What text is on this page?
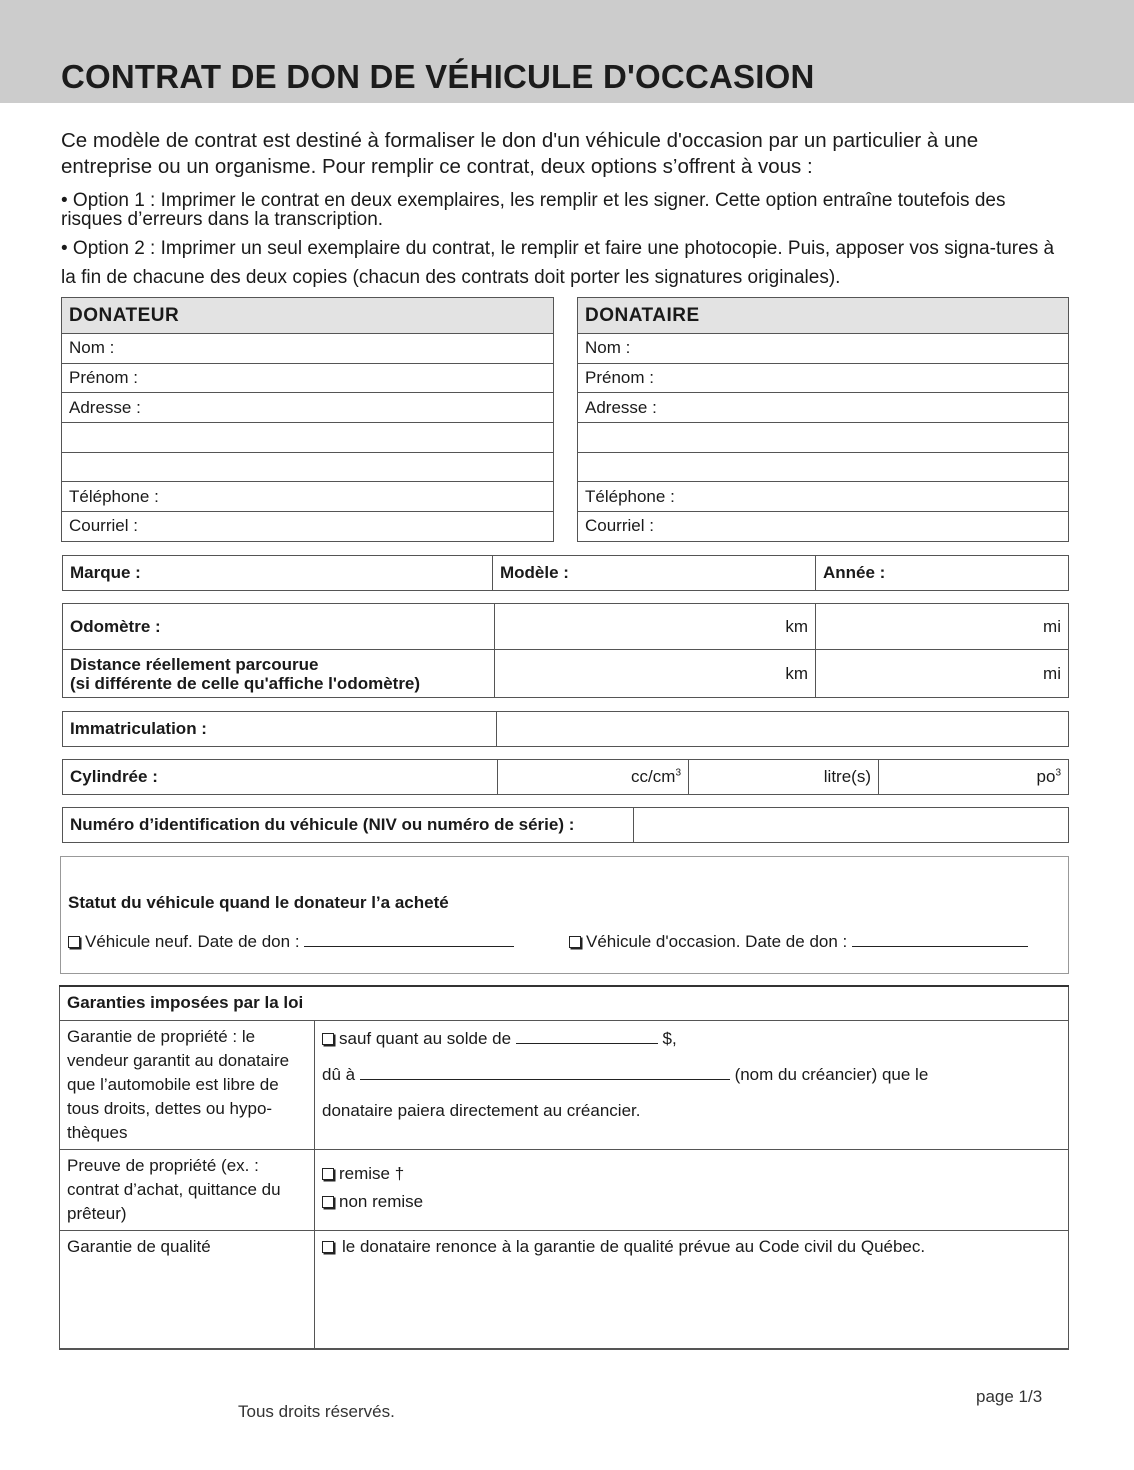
CONTRAT DE DON DE VÉHICULE D'OCCASION

Ce modèle de contrat est destiné à formaliser le don d'un véhicule d'occasion par un particulier à une entreprise ou un organisme. Pour remplir ce contrat, deux options s’offrent à vous :

• Option 1 : Imprimer le contrat en deux exemplaires, les remplir et les signer. Cette option entraîne toutefois des risques d’erreurs dans la transcription.

• Option 2 : Imprimer un seul exemplaire du contrat, le remplir et faire une photocopie. Puis, apposer vos signa-tures à la fin de chacune des deux copies (chacun des contrats doit porter les signatures originales).

DONATEUR
Nom :
Prénom :
Adresse :

Téléphone :
Courriel :
DONATAIRE
Nom :
Prénom :
Adresse :

Téléphone :
Courriel :
Marque :	Modèle :	Année :
Odomètre :	km	mi

Distance réellement parcourue
(si différente de celle qu'affiche l'odomètre)	km	mi
Immatriculation :	
Cylindrée :	$cc/cm^3$	litre(s)	$po^3$
Numéro d’identification du véhicule (NIV ou numéro de série) :	
Statut du véhicule quand le donateur l’a acheté
Véhicule neuf. Date de don :	Véhicule d'occasion. Date de don :
Garanties imposées par la loi	
Garantie de propriété : le vendeur garantit au donataire que l’automobile est libre de tous droits, dettes ou hypo-thèques	sauf quant au solde de $,
dû à (nom du créancier) que le
donataire paiera directement au créancier.

Preuve de propriété (ex. : contrat d’achat, quittance du prêteur)	remise †
non remise

Garantie de qualité	le donataire renonce à la garantie de qualité prévue au Code civil du Québec.
Tous droits réservés.
page 1/3
